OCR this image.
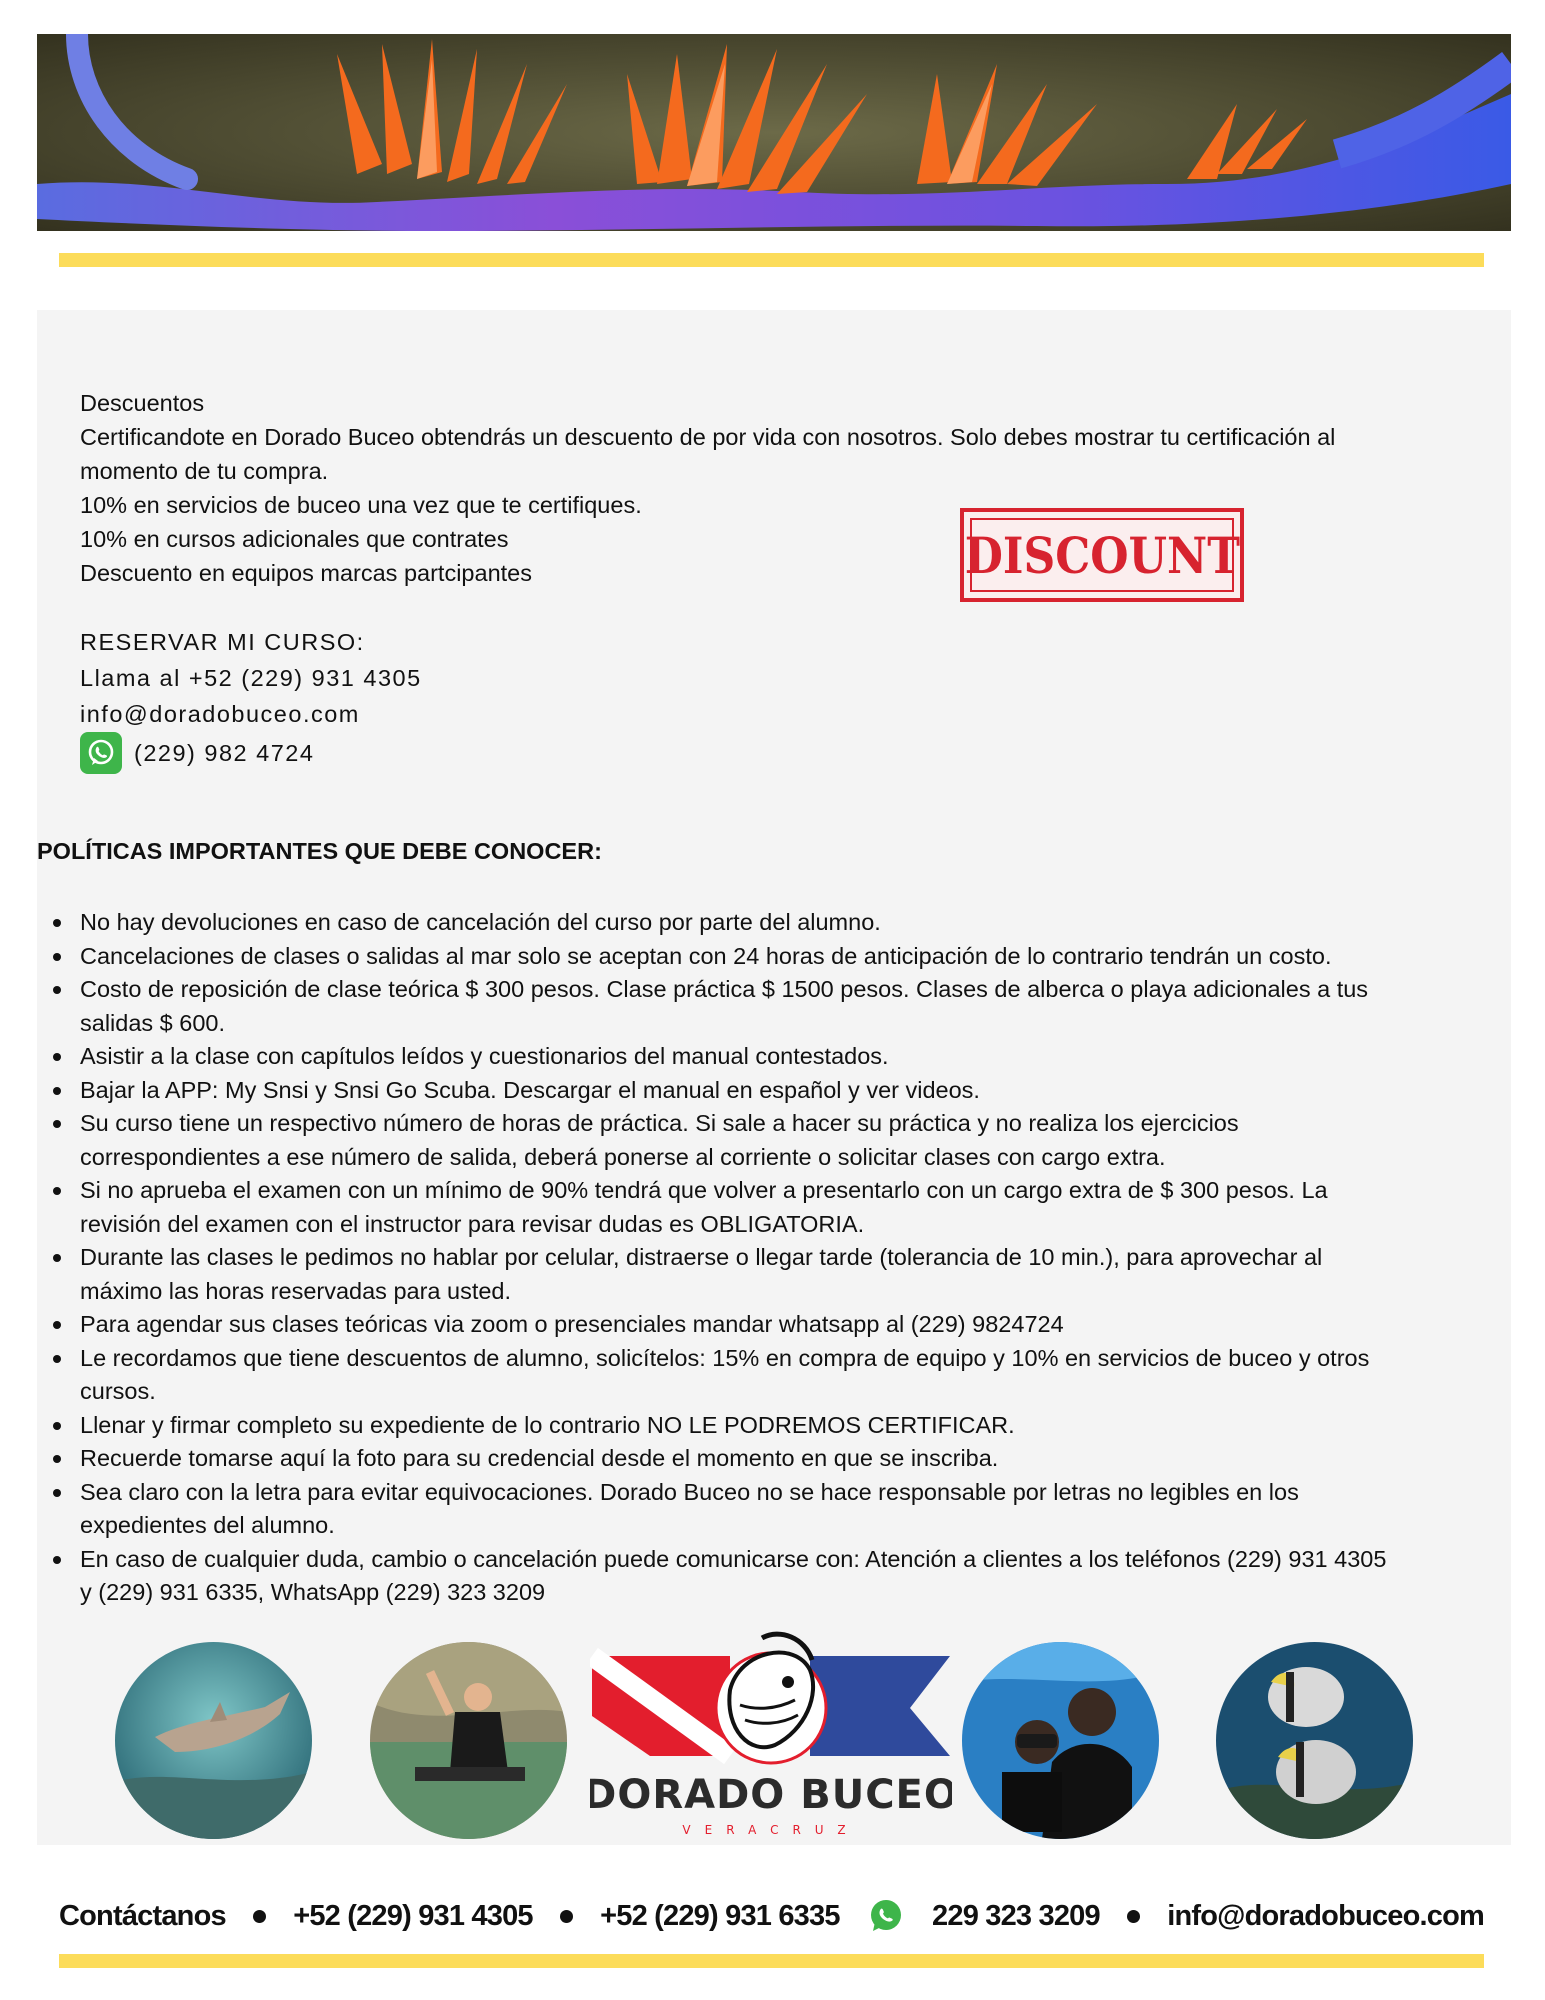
Descuentos
Certificandote en Dorado Buceo obtendrás un descuento de por vida con nosotros. Solo debes mostrar tu certificación al
momento de tu compra.
10% en servicios de buceo una vez que te certifiques.
10% en cursos adicionales que contrates
Descuento en equipos marcas partcipantes	DISCOUNT
RESERVAR MI CURSO:
Llama al +52 (229) 931 4305
info@doradobuceo.com
(229) 982 4724
POLÍTICAS IMPORTANTES QUE DEBE CONOCER:
No hay devoluciones en caso de cancelación del curso por parte del alumno.
Cancelaciones de clases o salidas al mar solo se aceptan con 24 horas de anticipación de lo contrario tendrán un costo.
Costo de reposición de clase teórica $ 300 pesos. Clase práctica $ 1500 pesos. Clases de alberca o playa adicionales a tus
salidas $ 600.
Asistir a la clase con capítulos leídos y cuestionarios del manual contestados.
Bajar la APP: My Snsi y Snsi Go Scuba. Descargar el manual en español y ver videos.
Su curso tiene un respectivo número de horas de práctica. Si sale a hacer su práctica y no realiza los ejercicios
correspondientes a ese número de salida, deberá ponerse al corriente o solicitar clases con cargo extra.
Si no aprueba el examen con un mínimo de 90% tendrá que volver a presentarlo con un cargo extra de $ 300 pesos. La
revisión del examen con el instructor para revisar dudas es OBLIGATORIA.
Durante las clases le pedimos no hablar por celular, distraerse o llegar tarde (tolerancia de 10 min.), para aprovechar al
máximo las horas reservadas para usted.
Para agendar sus clases teóricas via zoom o presenciales mandar whatsapp al (229) 9824724
Le recordamos que tiene descuentos de alumno, solicítelos: 15% en compra de equipo y 10% en servicios de buceo y otros
cursos.
Llenar y firmar completo su expediente de lo contrario NO LE PODREMOS CERTIFICAR.
Recuerde tomarse aquí la foto para su credencial desde el momento en que se inscriba.
Sea claro con la letra para evitar equivocaciones. Dorado Buceo no se hace responsable por letras no legibles en los
expedientes del alumno.
En caso de cualquier duda, cambio o cancelación puede comunicarse con: Atención a clientes a los teléfonos (229) 931 4305
y (229) 931 6335, WhatsApp (229) 323 3209
DORADO BUCEO
VERACRUZ
Contáctanos +52 (229) 931 4305 +52 (229) 931 6335	229 323 3209 info@doradobuceo.com
